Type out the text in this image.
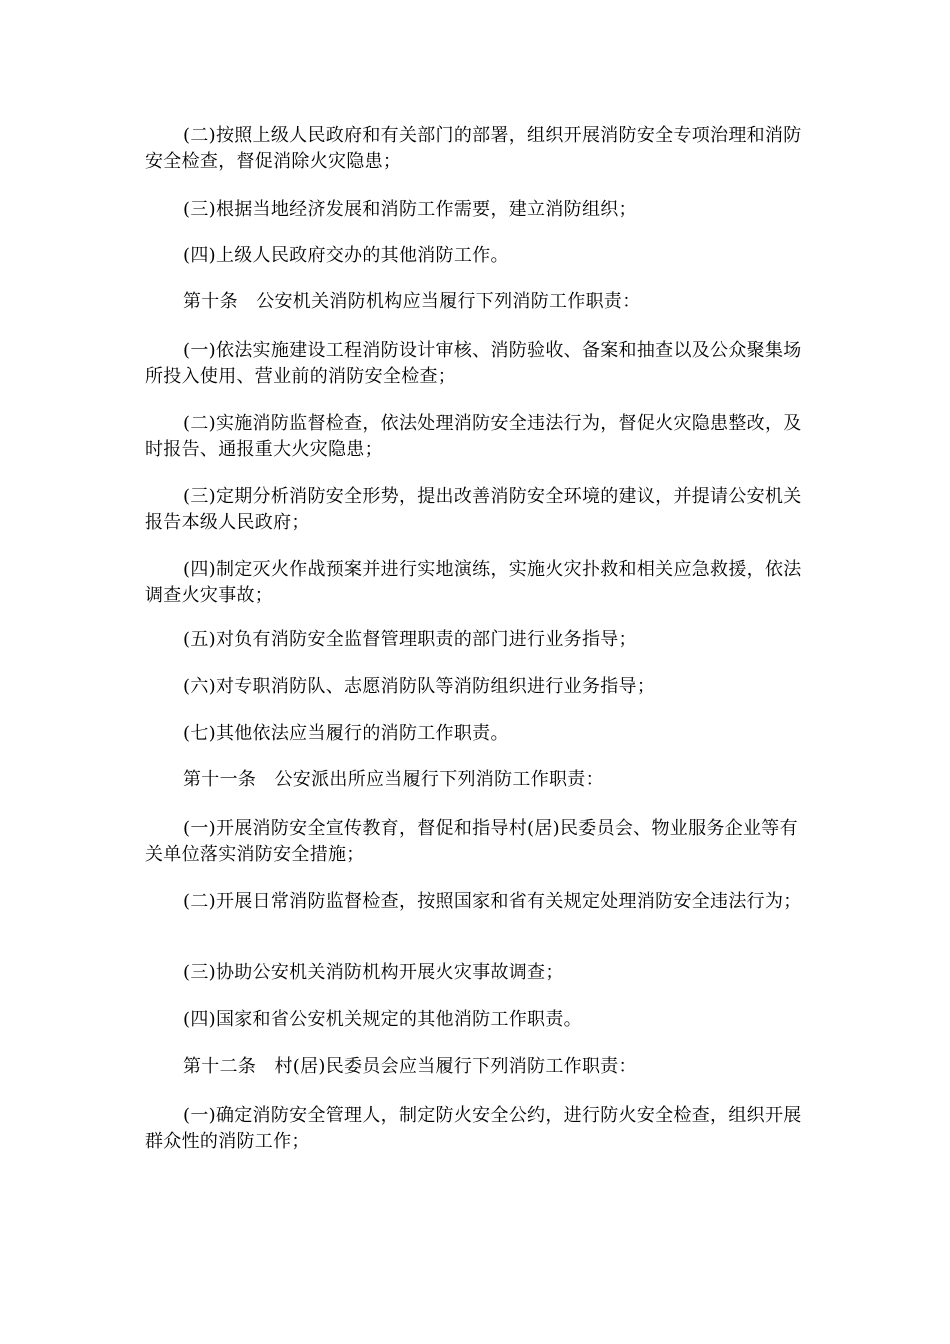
(二)按照上级人民政府和有关部门的部署，组织开展消防安全专项治理和消防安全检查，督促消除火灾隐患；

(三)根据当地经济发展和消防工作需要，建立消防组织；

(四)上级人民政府交办的其他消防工作。

第十条　公安机关消防机构应当履行下列消防工作职责：

(一)依法实施建设工程消防设计审核、消防验收、备案和抽查以及公众聚集场所投入使用、营业前的消防安全检查；

(二)实施消防监督检查，依法处理消防安全违法行为，督促火灾隐患整改，及时报告、通报重大火灾隐患；

(三)定期分析消防安全形势，提出改善消防安全环境的建议，并提请公安机关报告本级人民政府；

(四)制定灭火作战预案并进行实地演练，实施火灾扑救和相关应急救援，依法调查火灾事故；

(五)对负有消防安全监督管理职责的部门进行业务指导；

(六)对专职消防队、志愿消防队等消防组织进行业务指导；

(七)其他依法应当履行的消防工作职责。

第十一条　公安派出所应当履行下列消防工作职责：

(一)开展消防安全宣传教育，督促和指导村(居)民委员会、物业服务企业等有关单位落实消防安全措施；

(二)开展日常消防监督检查，按照国家和省有关规定处理消防安全违法行为；

(三)协助公安机关消防机构开展火灾事故调查；

(四)国家和省公安机关规定的其他消防工作职责。

第十二条　村(居)民委员会应当履行下列消防工作职责：

(一)确定消防安全管理人，制定防火安全公约，进行防火安全检查，组织开展群众性的消防工作；
